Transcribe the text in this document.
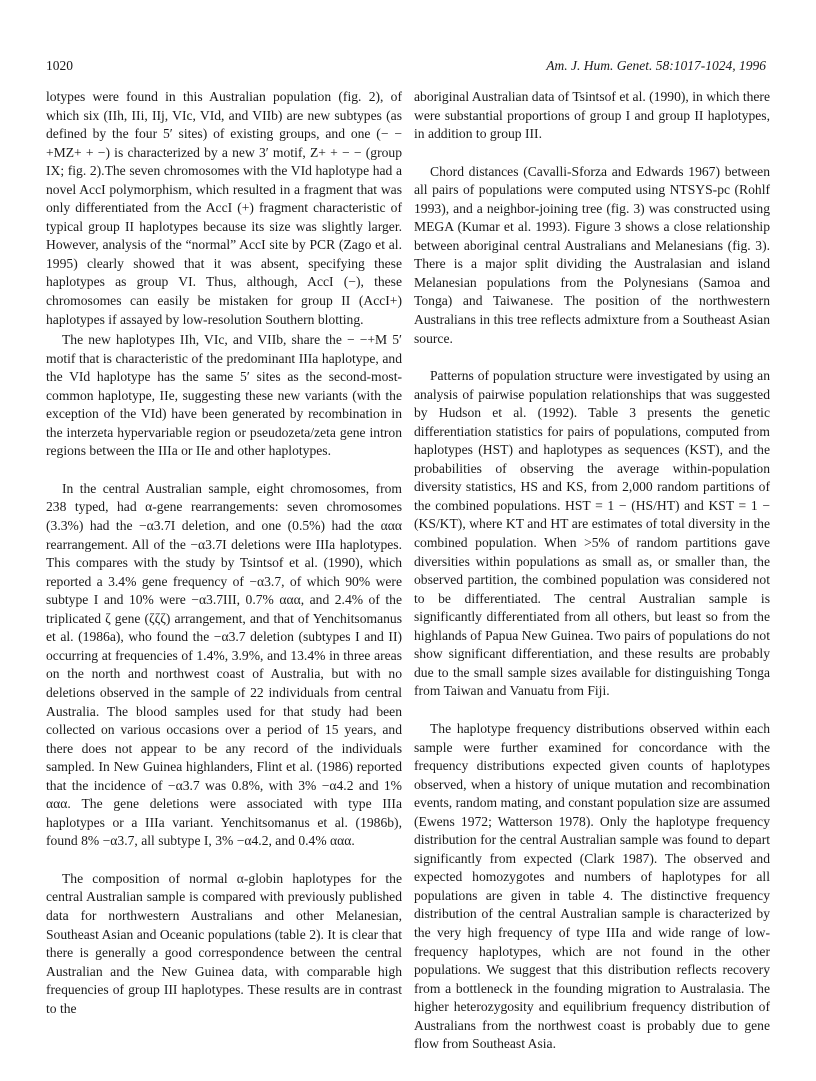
1020	Am. J. Hum. Genet. 58:1017-1024, 1996

lotypes were found in this Australian population (fig. 2), of which six (IIh, IIi, IIj, VIc, VId, and VIIb) are new subtypes (as defined by the four 5′ sites) of existing groups, and one (− −+MZ+ + −) is characterized by a new 3′ motif, Z+ + − − (group IX; fig. 2).The seven chromosomes with the VId haplotype had a novel AccI polymorphism, which resulted in a fragment that was only differentiated from the AccI (+) fragment characteristic of typical group II haplotypes because its size was slightly larger. However, analysis of the “normal” AccI site by PCR (Zago et al. 1995) clearly showed that it was absent, specifying these haplotypes as group VI. Thus, although, AccI (−), these chromosomes can easily be mistaken for group II (AccI+) haplotypes if assayed by low-resolution Southern blotting.

The new haplotypes IIh, VIc, and VIIb, share the − −+M 5′ motif that is characteristic of the predominant IIIa haplotype, and the VId haplotype has the same 5′ sites as the second-most-common haplotype, IIe, suggesting these new variants (with the exception of the VId) have been generated by recombination in the interzeta hypervariable region or pseudozeta/zeta gene intron regions between the IIIa or IIe and other haplotypes.

In the central Australian sample, eight chromosomes, from 238 typed, had α-gene rearrangements: seven chromosomes (3.3%) had the −α3.7I deletion, and one (0.5%) had the ααα rearrangement. All of the −α3.7I deletions were IIIa haplotypes. This compares with the study by Tsintsof et al. (1990), which reported a 3.4% gene frequency of −α3.7, of which 90% were subtype I and 10% were −α3.7III, 0.7% ααα, and 2.4% of the triplicated ζ gene (ζζζ) arrangement, and that of Yenchitsomanus et al. (1986a), who found the −α3.7 deletion (subtypes I and II) occurring at frequencies of 1.4%, 3.9%, and 13.4% in three areas on the north and northwest coast of Australia, but with no deletions observed in the sample of 22 individuals from central Australia. The blood samples used for that study had been collected on various occasions over a period of 15 years, and there does not appear to be any record of the individuals sampled. In New Guinea highlanders, Flint et al. (1986) reported that the incidence of −α3.7 was 0.8%, with 3% −α4.2 and 1% ααα. The gene deletions were associated with type IIIa haplotypes or a IIIa variant. Yenchitsomanus et al. (1986b), found 8% −α3.7, all subtype I, 3% −α4.2, and 0.4% ααα.

The composition of normal α-globin haplotypes for the central Australian sample is compared with previously published data for northwestern Australians and other Melanesian, Southeast Asian and Oceanic populations (table 2). It is clear that there is generally a good correspondence between the central Australian and the New Guinea data, with comparable high frequencies of group III haplotypes. These results are in contrast to the

aboriginal Australian data of Tsintsof et al. (1990), in which there were substantial proportions of group I and group II haplotypes, in addition to group III.

Chord distances (Cavalli-Sforza and Edwards 1967) between all pairs of populations were computed using NTSYS-pc (Rohlf 1993), and a neighbor-joining tree (fig. 3) was constructed using MEGA (Kumar et al. 1993). Figure 3 shows a close relationship between aboriginal central Australians and Melanesians (fig. 3). There is a major split dividing the Australasian and island Melanesian populations from the Polynesians (Samoa and Tonga) and Taiwanese. The position of the northwestern Australians in this tree reflects admixture from a Southeast Asian source.

Patterns of population structure were investigated by using an analysis of pairwise population relationships that was suggested by Hudson et al. (1992). Table 3 presents the genetic differentiation statistics for pairs of populations, computed from haplotypes (HST) and haplotypes as sequences (KST), and the probabilities of observing the average within-population diversity statistics, HS and KS, from 2,000 random partitions of the combined populations. HST = 1 − (HS/HT) and KST = 1 − (KS/KT), where KT and HT are estimates of total diversity in the combined population. When >5% of random partitions gave diversities within populations as small as, or smaller than, the observed partition, the combined population was considered not to be differentiated. The central Australian sample is significantly differentiated from all others, but least so from the highlands of Papua New Guinea. Two pairs of populations do not show significant differentiation, and these results are probably due to the small sample sizes available for distinguishing Tonga from Taiwan and Vanuatu from Fiji.

The haplotype frequency distributions observed within each sample were further examined for concordance with the frequency distributions expected given counts of haplotypes observed, when a history of unique mutation and recombination events, random mating, and constant population size are assumed (Ewens 1972; Watterson 1978). Only the haplotype frequency distribution for the central Australian sample was found to depart significantly from expected (Clark 1987). The observed and expected homozygotes and numbers of haplotypes for all populations are given in table 4. The distinctive frequency distribution of the central Australian sample is characterized by the very high frequency of type IIIa and wide range of low-frequency haplotypes, which are not found in the other populations. We suggest that this distribution reflects recovery from a bottleneck in the founding migration to Australasia. The higher heterozygosity and equilibrium frequency distribution of Australians from the northwest coast is probably due to gene flow from Southeast Asia.
